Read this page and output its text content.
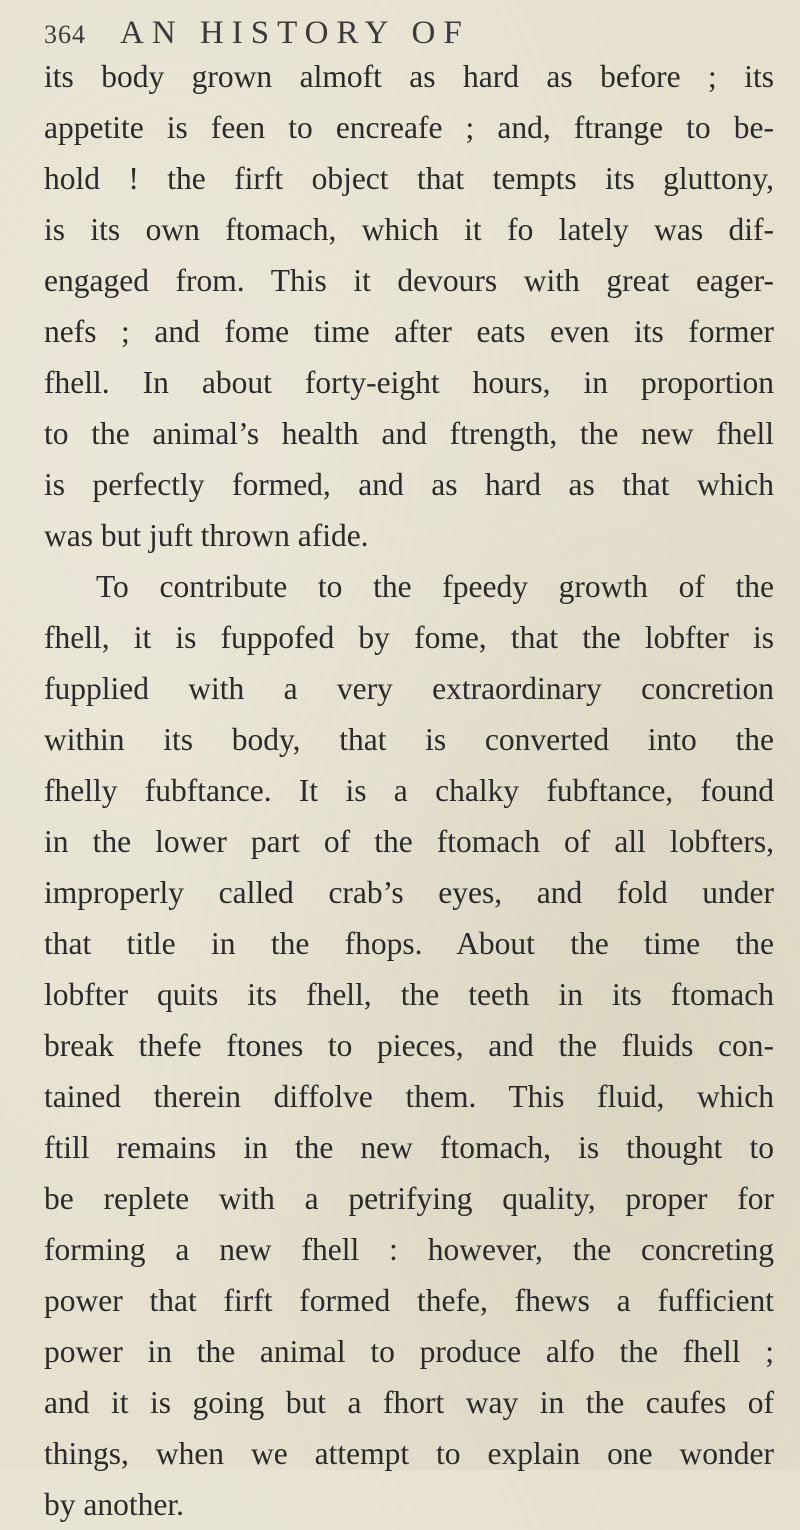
364 AN HISTORY OF
its body grown almoft as hard as before ; its
appetite is feen to encreafe ; and, ftrange to be-
hold ! the firft object that tempts its gluttony,
is its own ftomach, which it fo lately was dif-
engaged from. This it devours with great eager-
nefs ; and fome time after eats even its former
fhell. In about forty-eight hours, in proportion
to the animal’s health and ftrength, the new fhell
is perfectly formed, and as hard as that which
was but juft thrown afide.
To contribute to the fpeedy growth of the
fhell, it is fuppofed by fome, that the lobfter is
fupplied with a very extraordinary concretion
within its body, that is converted into the
fhelly fubftance. It is a chalky fubftance, found
in the lower part of the ftomach of all lobfters,
improperly called crab’s eyes, and fold under
that title in the fhops. About the time the
lobfter quits its fhell, the teeth in its ftomach
break thefe ftones to pieces, and the fluids con-
tained therein diffolve them. This fluid, which
ftill remains in the new ftomach, is thought to
be replete with a petrifying quality, proper for
forming a new fhell : however, the concreting
power that firft formed thefe, fhews a fufficient
power in the animal to produce alfo the fhell ;
and it is going but a fhort way in the caufes of
things, when we attempt to explain one wonder
by another.
